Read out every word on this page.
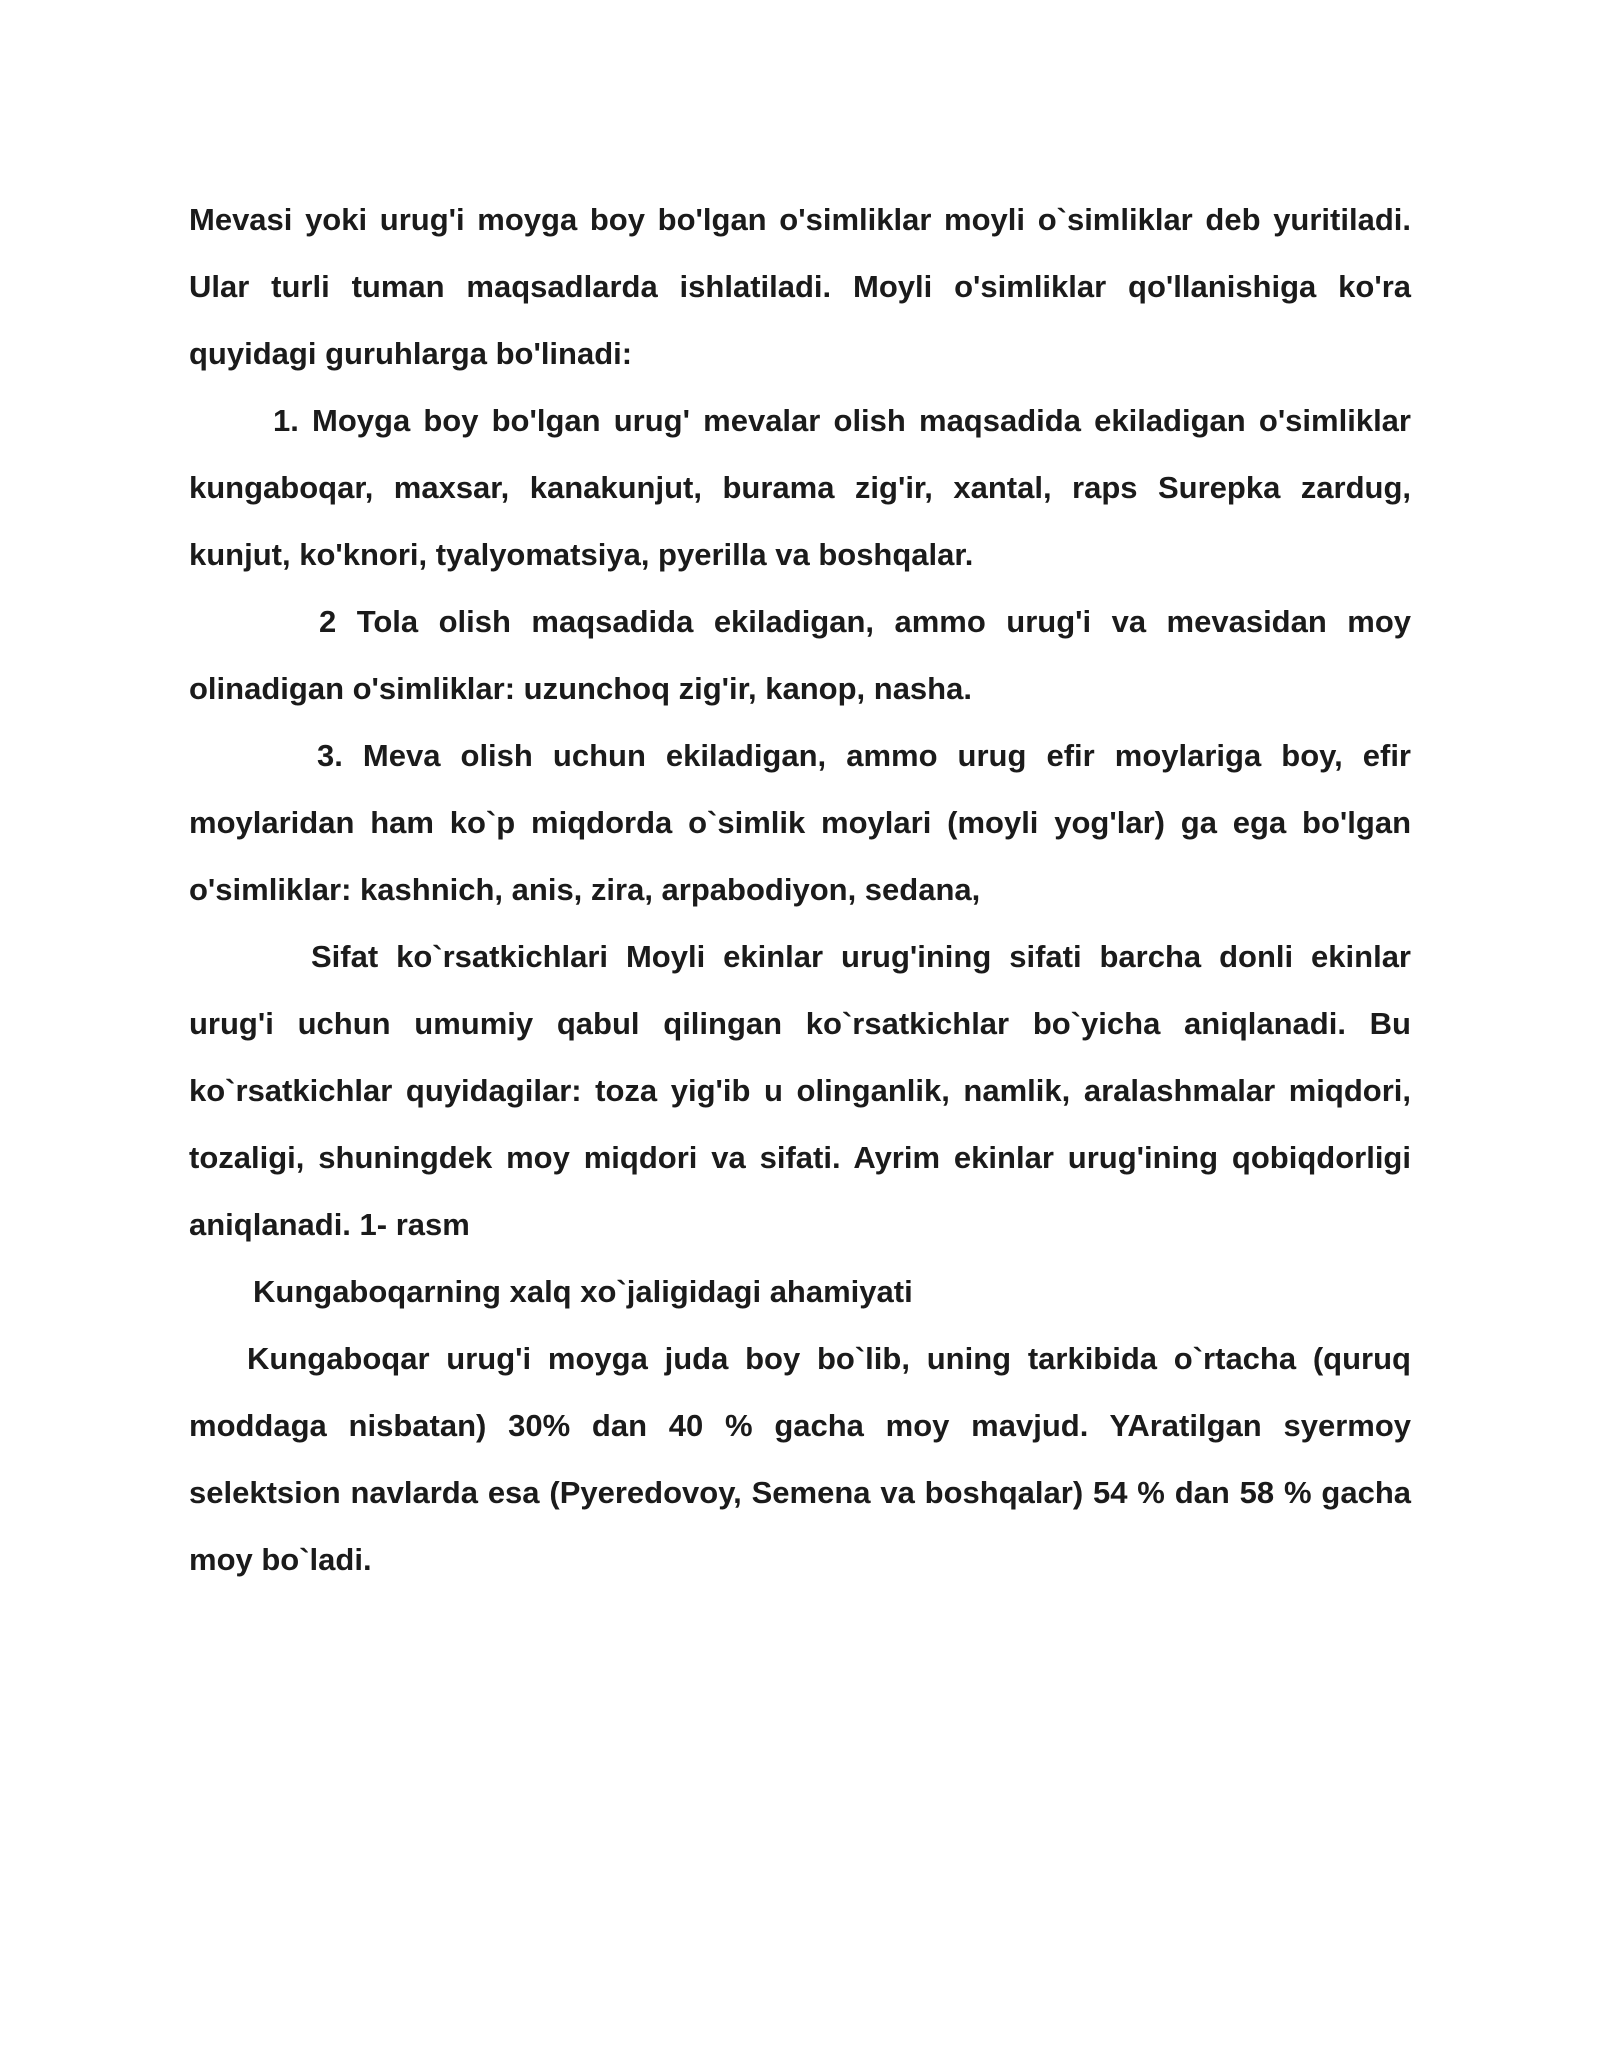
Mevasi yoki urug'i moyga boy bo'lgan o'simliklar moyli o`simliklar deb yuritiladi. Ular turli tuman maqsadlarda ishlatiladi. Moyli o'simliklar qo'llanishiga ko'ra quyidagi guruhlarga bo'linadi:

1. Moyga boy bo'lgan urug' mevalar olish maqsadida ekiladigan o'simliklar kungaboqar, maxsar, kanakunjut, burama zig'ir, xantal, raps Surepka zardug, kunjut, ko'knori, tyalyomatsiya, pyerilla va boshqalar.

2 Tola olish maqsadida ekiladigan, ammo urug'i va mevasidan moy olinadigan o'simliklar: uzunchoq zig'ir, kanop, nasha.

3. Meva olish uchun ekiladigan, ammo urug efir moylariga boy, efir moylaridan ham ko`p miqdorda o`simlik moylari (moyli yog'lar) ga ega bo'lgan o'simliklar: kashnich, anis, zira, arpabodiyon, sedana,

Sifat ko`rsatkichlari Moyli ekinlar urug'ining sifati barcha donli ekinlar urug'i uchun umumiy qabul qilingan ko`rsatkichlar bo`yicha aniqlanadi. Bu ko`rsatkichlar quyidagilar: toza yig'ib u olinganlik, namlik, aralashmalar miqdori, tozaligi, shuningdek moy miqdori va sifati. Ayrim ekinlar urug'ining qobiqdorligi aniqlanadi. 1- rasm

Kungaboqarning xalq xo`jaligidagi ahamiyati

Kungaboqar urug'i moyga juda boy bo`lib, uning tarkibida o`rtacha (quruq moddaga nisbatan) 30% dan 40 % gacha moy mavjud. YAratilgan syermoy selektsion navlarda esa (Pyeredovoy, Semena va boshqalar) 54 % dan 58 % gacha moy bo`ladi.
